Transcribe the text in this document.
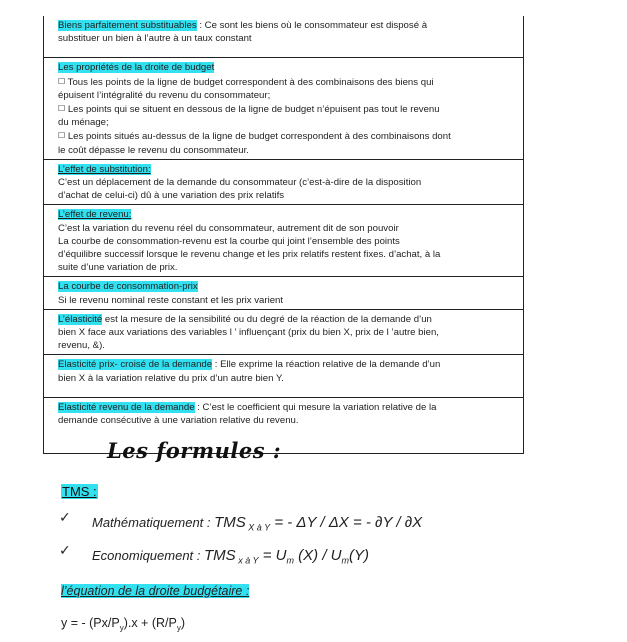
Biens parfaitement substituables : Ce sont les biens où le consommateur est disposé à
substituer un bien à l’autre à un taux constant
Les propriétés de la droite de budget
☐ Tous les points de la ligne de budget correspondent à des combinaisons des biens qui
épuisent l’intégralité du revenu du consommateur;
☐ Les points qui se situent en dessous de la ligne de budget n’épuisent pas tout le revenu
du ménage;
☐ Les points situés au-dessus de la ligne de budget correspondent à des combinaisons dont
le coût dépasse le revenu du consommateur.
L’effet de substitution:
C’est un déplacement de la demande du consommateur (c’est-à-dire de la disposition
d’achat de celui-ci) dû à une variation des prix relatifs
L’effet de revenu:
C’est la variation du revenu réel du consommateur, autrement dit de son pouvoir
La courbe de consommation-revenu est la courbe qui joint l’ensemble des points
d’équilibre successif lorsque le revenu change et les prix relatifs restent fixes. d’achat, à la
suite d’une variation de prix.
La courbe de consommation-prix
Si le revenu nominal reste constant et les prix varient
L’élasticité est la mesure de la sensibilité ou du degré de la réaction de la demande d’un
bien X face aux variations des variables l ’ influençant (prix du bien X, prix de l ’autre bien,
revenu, &).
Elasticité prix- croisé de la demande : Elle exprime la réaction relative de la demande d’un
bien X à la variation relative du prix d’un autre bien Y.
Elasticité revenu de la demande : C’est le coefficient qui mesure la variation relative de la
demande consécutive à une variation relative du revenu.
Les formules :
TMS :
✓ Mathématiquement : TMS $_{X à Y}$ = - ΔY / ΔX = - ∂Y / ∂X
✓ Economiquement : TMS $_{x à Y} = U_m$ $(X) / U_m(Y)$
l’équation de la droite budgétaire :
y = - $(Px/P_y).x + (R/P_y)$
